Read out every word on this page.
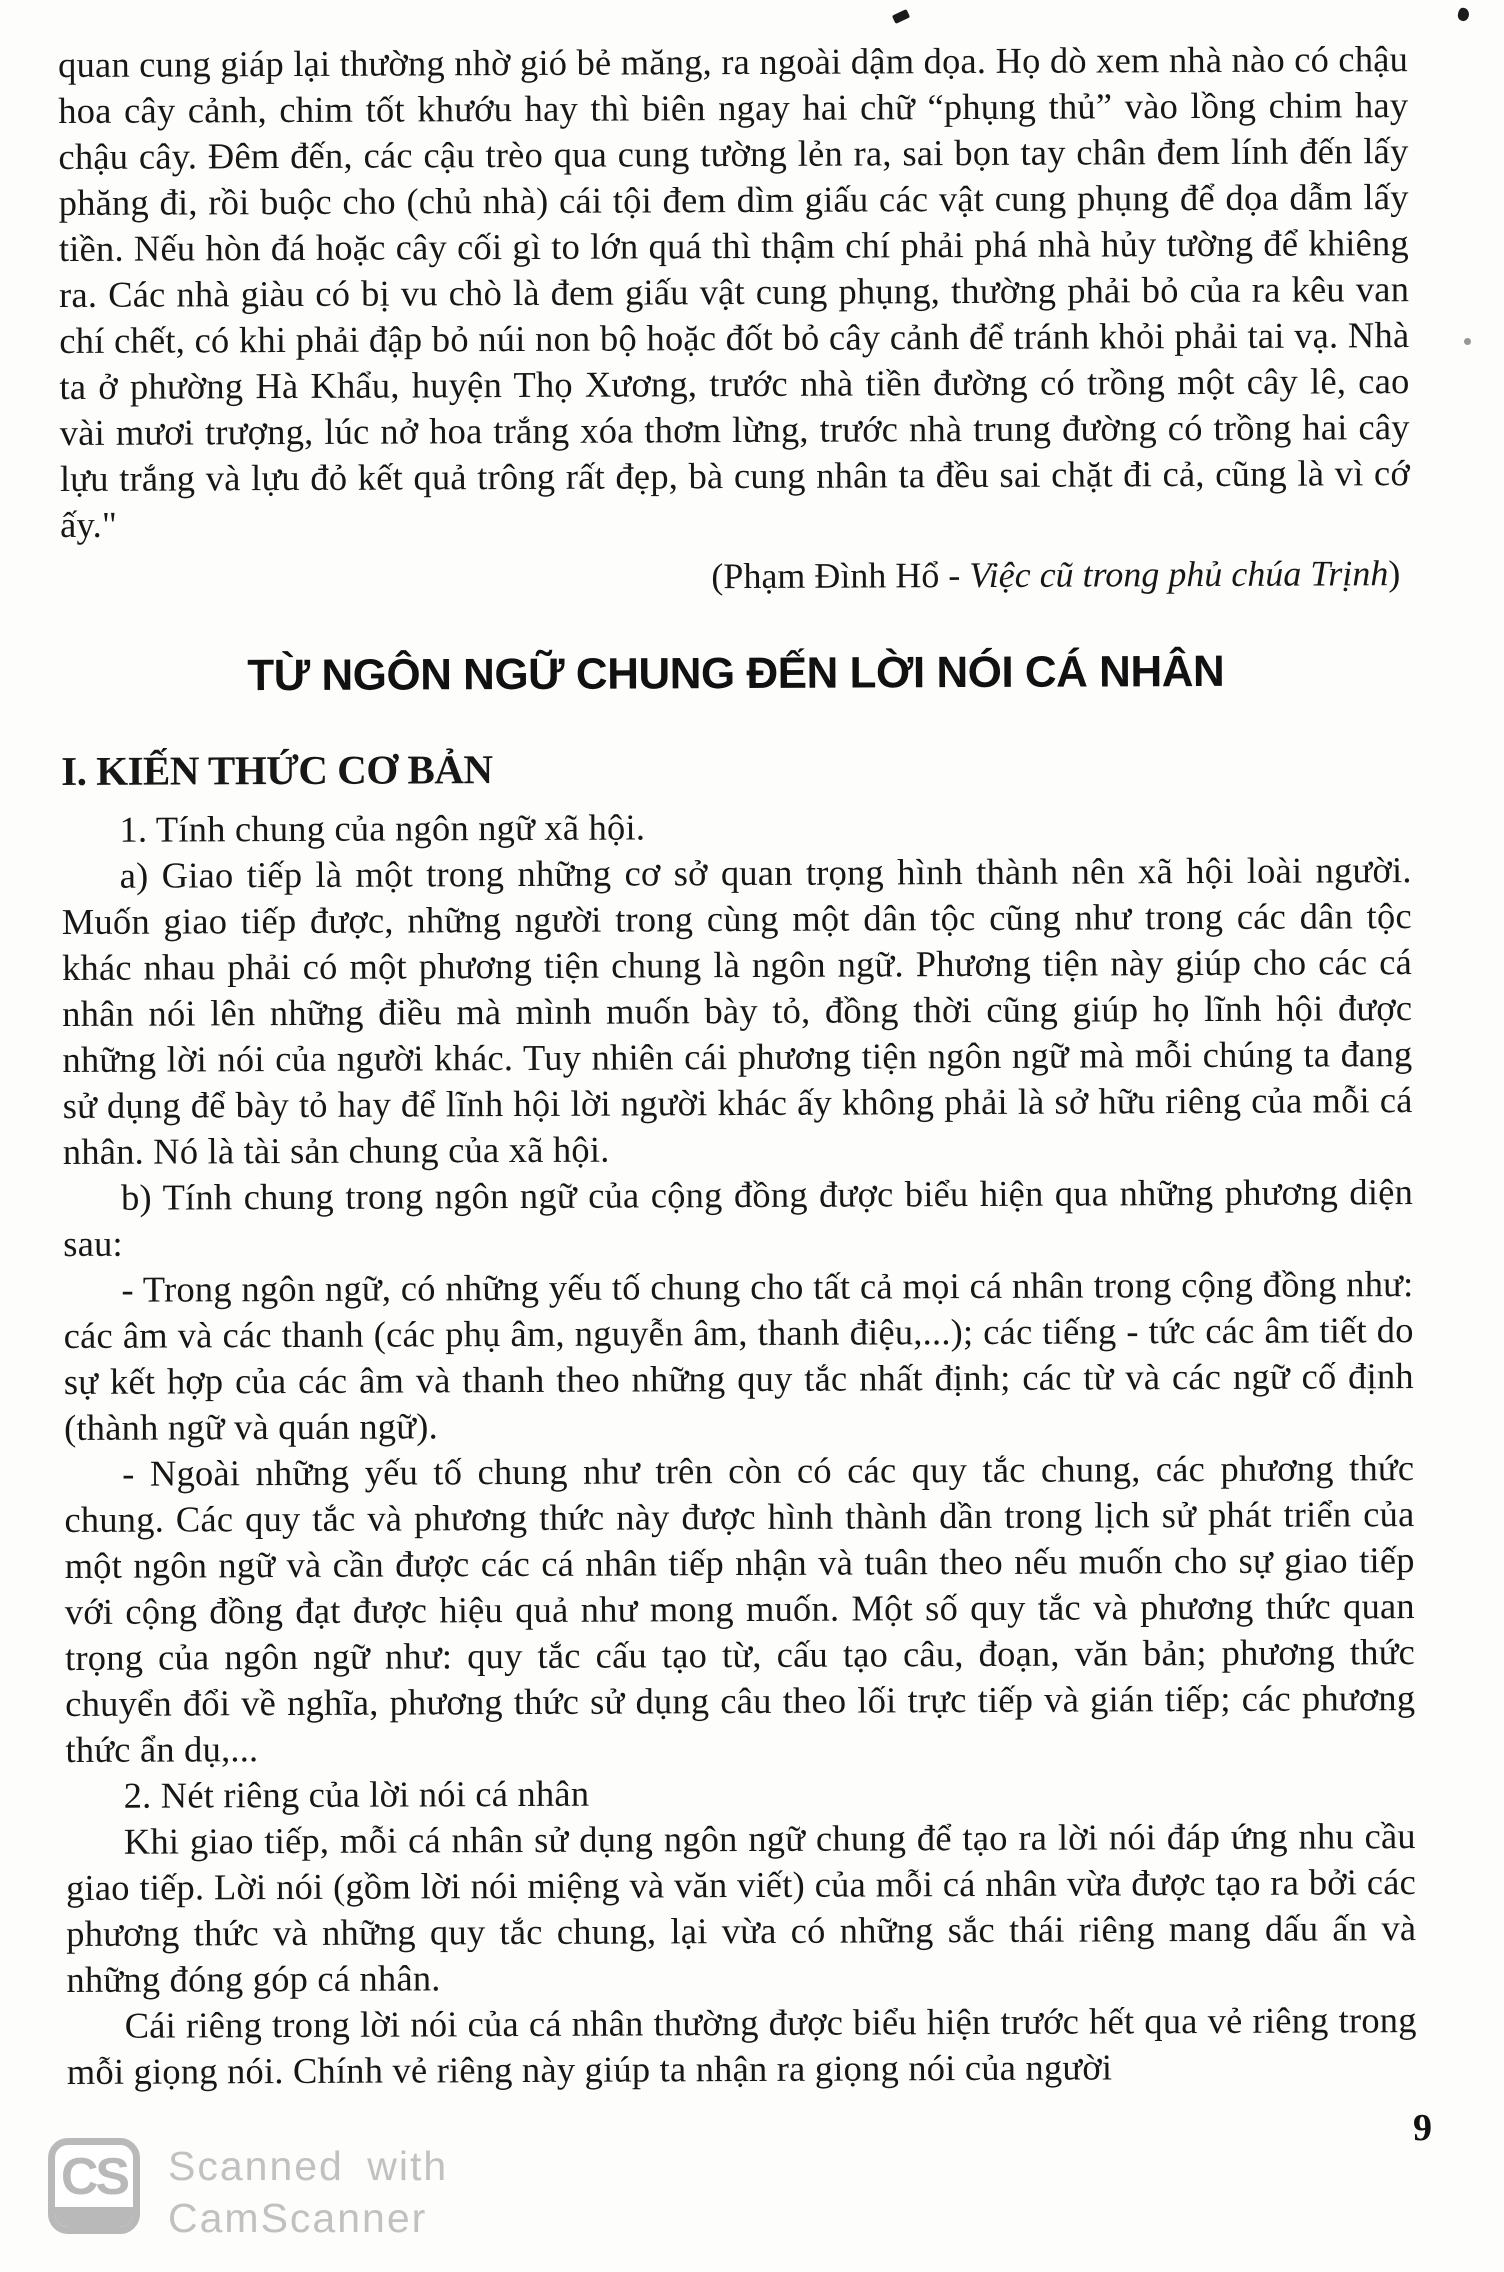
quan cung giáp lại thường nhờ gió bẻ măng, ra ngoài dậm dọa. Họ dò xem nhà nào có chậu hoa cây cảnh, chim tốt khướu hay thì biên ngay hai chữ “phụng thủ” vào lồng chim hay chậu cây. Đêm đến, các cậu trèo qua cung tường lẻn ra, sai bọn tay chân đem lính đến lấy phăng đi, rồi buộc cho (chủ nhà) cái tội đem dìm giấu các vật cung phụng để dọa dẫm lấy tiền. Nếu hòn đá hoặc cây cối gì to lớn quá thì thậm chí phải phá nhà hủy tường để khiêng ra. Các nhà giàu có bị vu chò là đem giấu vật cung phụng, thường phải bỏ của ra kêu van chí chết, có khi phải đập bỏ núi non bộ hoặc đốt bỏ cây cảnh để tránh khỏi phải tai vạ. Nhà ta ở phường Hà Khẩu, huyện Thọ Xương, trước nhà tiền đường có trồng một cây lê, cao vài mươi trượng, lúc nở hoa trắng xóa thơm lừng, trước nhà trung đường có trồng hai cây lựu trắng và lựu đỏ kết quả trông rất đẹp, bà cung nhân ta đều sai chặt đi cả, cũng là vì cớ ấy."
(Phạm Đình Hổ - Việc cũ trong phủ chúa Trịnh)
TỪ NGÔN NGỮ CHUNG ĐẾN LỜI NÓI CÁ NHÂN
I. KIẾN THỨC CƠ BẢN
1. Tính chung của ngôn ngữ xã hội.
a) Giao tiếp là một trong những cơ sở quan trọng hình thành nên xã hội loài người. Muốn giao tiếp được, những người trong cùng một dân tộc cũng như trong các dân tộc khác nhau phải có một phương tiện chung là ngôn ngữ. Phương tiện này giúp cho các cá nhân nói lên những điều mà mình muốn bày tỏ, đồng thời cũng giúp họ lĩnh hội được những lời nói của người khác. Tuy nhiên cái phương tiện ngôn ngữ mà mỗi chúng ta đang sử dụng để bày tỏ hay để lĩnh hội lời người khác ấy không phải là sở hữu riêng của mỗi cá nhân. Nó là tài sản chung của xã hội.
b) Tính chung trong ngôn ngữ của cộng đồng được biểu hiện qua những phương diện sau:
- Trong ngôn ngữ, có những yếu tố chung cho tất cả mọi cá nhân trong cộng đồng như: các âm và các thanh (các phụ âm, nguyễn âm, thanh điệu,...); các tiếng - tức các âm tiết do sự kết hợp của các âm và thanh theo những quy tắc nhất định; các từ và các ngữ cố định (thành ngữ và quán ngữ).
- Ngoài những yếu tố chung như trên còn có các quy tắc chung, các phương thức chung. Các quy tắc và phương thức này được hình thành dần trong lịch sử phát triển của một ngôn ngữ và cần được các cá nhân tiếp nhận và tuân theo nếu muốn cho sự giao tiếp với cộng đồng đạt được hiệu quả như mong muốn. Một số quy tắc và phương thức quan trọng của ngôn ngữ như: quy tắc cấu tạo từ, cấu tạo câu, đoạn, văn bản; phương thức chuyển đổi về nghĩa, phương thức sử dụng câu theo lối trực tiếp và gián tiếp; các phương thức ẩn dụ,...
2. Nét riêng của lời nói cá nhân
Khi giao tiếp, mỗi cá nhân sử dụng ngôn ngữ chung để tạo ra lời nói đáp ứng nhu cầu giao tiếp. Lời nói (gồm lời nói miệng và văn viết) của mỗi cá nhân vừa được tạo ra bởi các phương thức và những quy tắc chung, lại vừa có những sắc thái riêng mang dấu ấn và những đóng góp cá nhân.
Cái riêng trong lời nói của cá nhân thường được biểu hiện trước hết qua vẻ riêng trong mỗi giọng nói. Chính vẻ riêng này giúp ta nhận ra giọng nói của người
9
CS Scanned with
CamScanner
